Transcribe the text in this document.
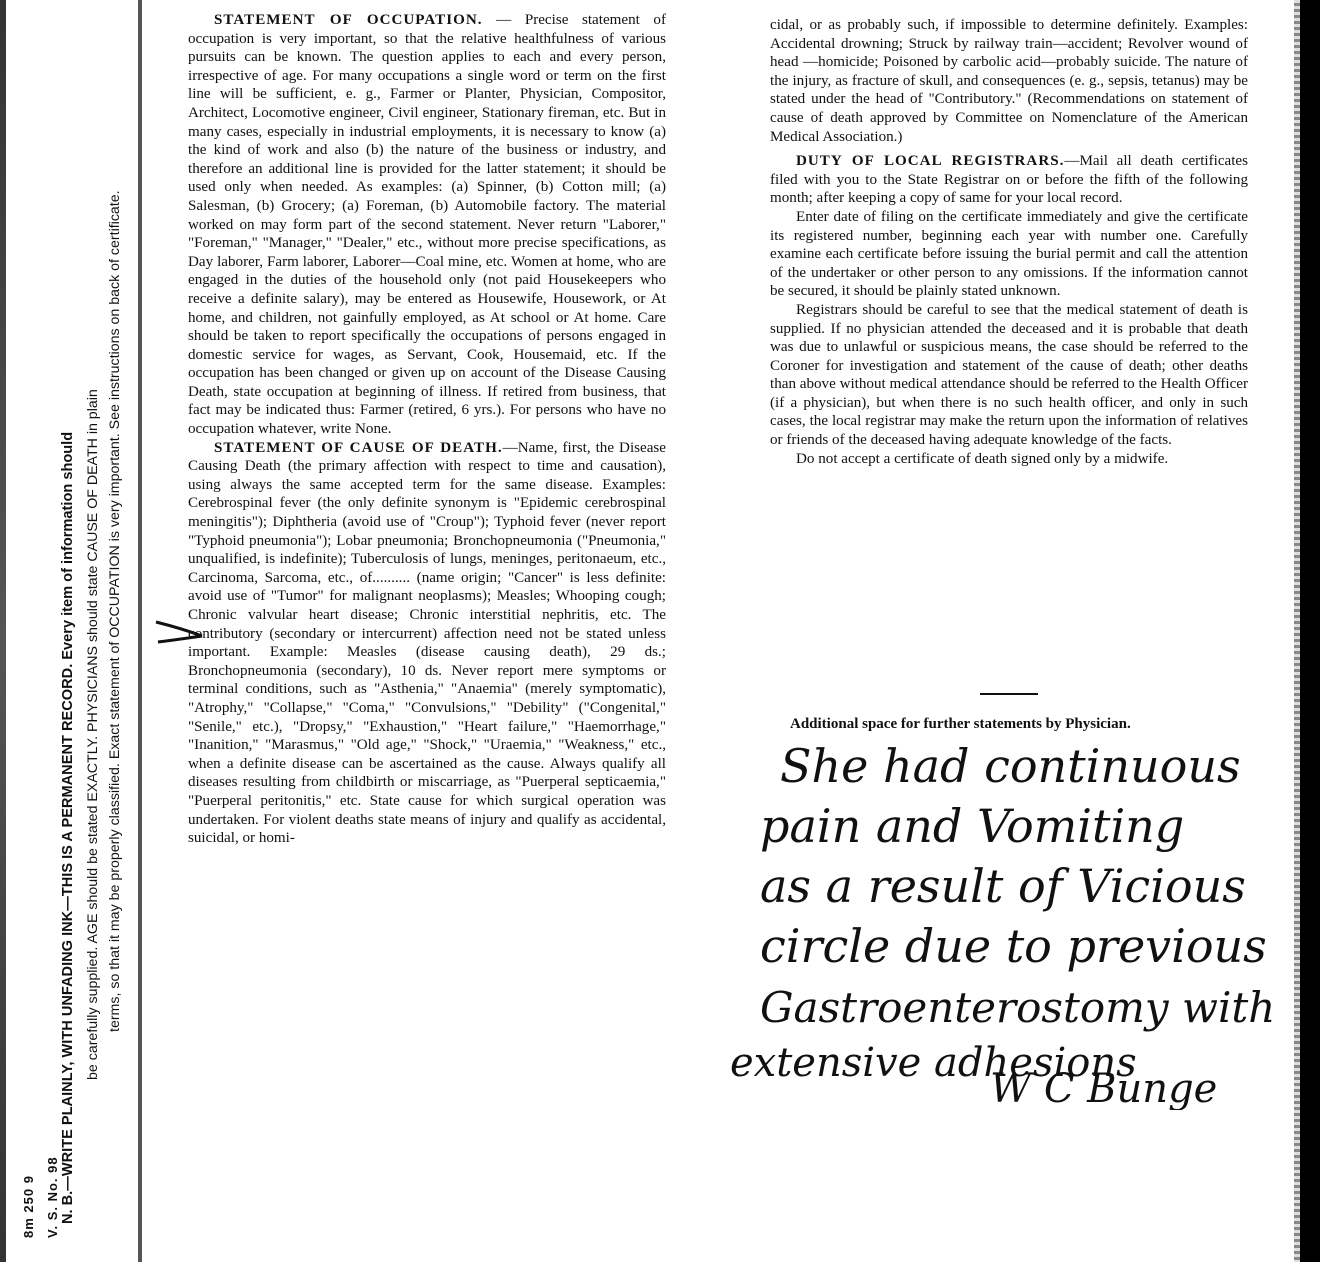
8m 250 9 V. S. No. 98 N. B.—WRITE PLAINLY, WITH UNFADING INK—THIS IS A PERMANENT RECORD. Every item of information should be carefully supplied. AGE should be stated EXACTLY. PHYSICIANS should state CAUSE OF DEATH in plain terms, so that it may be properly classified. Exact statement of OCCUPATION is very important. See instructions on back of certificate.

STATEMENT OF OCCUPATION. — Precise statement of occupation is very important, so that the relative healthfulness of various pursuits can be known. The question applies to each and every person, irrespective of age. For many occupations a single word or term on the first line will be sufficient, e. g., Farmer or Planter, Physician, Compositor, Architect, Locomotive engineer, Civil engineer, Stationary fireman, etc. But in many cases, especially in industrial employments, it is necessary to know (a) the kind of work and also (b) the nature of the business or industry, and therefore an additional line is provided for the latter statement; it should be used only when needed. As examples: (a) Spinner, (b) Cotton mill; (a) Salesman, (b) Grocery; (a) Foreman, (b) Automobile factory. The material worked on may form part of the second statement. Never return "Laborer," "Foreman," "Manager," "Dealer," etc., without more precise specifications, as Day laborer, Farm laborer, Laborer—Coal mine, etc. Women at home, who are engaged in the duties of the household only (not paid Housekeepers who receive a definite salary), may be entered as Housewife, Housework, or At home, and children, not gainfully employed, as At school or At home. Care should be taken to report specifically the occupations of persons engaged in domestic service for wages, as Servant, Cook, Housemaid, etc. If the occupation has been changed or given up on account of the Disease Causing Death, state occupation at beginning of illness. If retired from business, that fact may be indicated thus: Farmer (retired, 6 yrs.). For persons who have no occupation whatever, write None.

STATEMENT OF CAUSE OF DEATH.—Name, first, the Disease Causing Death (the primary affection with respect to time and causation), using always the same accepted term for the same disease. Examples: Cerebrospinal fever (the only definite synonym is "Epidemic cerebrospinal meningitis"); Diphtheria (avoid use of "Croup"); Typhoid fever (never report "Typhoid pneumonia"); Lobar pneumonia; Bronchopneumonia ("Pneumonia," unqualified, is indefinite); Tuberculosis of lungs, meninges, peritonaeum, etc., Carcinoma, Sarcoma, etc., of.......... (name origin; "Cancer" is less definite: avoid use of "Tumor" for malignant neoplasms); Measles; Whooping cough; Chronic valvular heart disease; Chronic interstitial nephritis, etc. The contributory (secondary or intercurrent) affection need not be stated unless important. Example: Measles (disease causing death), 29 ds.; Bronchopneumonia (secondary), 10 ds. Never report mere symptoms or terminal conditions, such as "Asthenia," "Anaemia" (merely symptomatic), "Atrophy," "Collapse," "Coma," "Convulsions," "Debility" ("Congenital," "Senile," etc.), "Dropsy," "Exhaustion," "Heart failure," "Haemorrhage," "Inanition," "Marasmus," "Old age," "Shock," "Uraemia," "Weakness," etc., when a definite disease can be ascertained as the cause. Always qualify all diseases resulting from childbirth or miscarriage, as "Puerperal septicaemia," "Puerperal peritonitis," etc. State cause for which surgical operation was undertaken. For violent deaths state means of injury and qualify as accidental, suicidal, or homi-

cidal, or as probably such, if impossible to determine definitely. Examples: Accidental drowning; Struck by railway train—accident; Revolver wound of head —homicide; Poisoned by carbolic acid—probably suicide. The nature of the injury, as fracture of skull, and consequences (e. g., sepsis, tetanus) may be stated under the head of "Contributory." (Recommendations on statement of cause of death approved by Committee on Nomenclature of the American Medical Association.)

DUTY OF LOCAL REGISTRARS.—Mail all death certificates filed with you to the State Registrar on or before the fifth of the following month; after keeping a copy of same for your local record.

Enter date of filing on the certificate immediately and give the certificate its registered number, beginning each year with number one. Carefully examine each certificate before issuing the burial permit and call the attention of the undertaker or other person to any omissions. If the information cannot be secured, it should be plainly stated unknown.

Registrars should be careful to see that the medical statement of death is supplied. If no physician attended the deceased and it is probable that death was due to unlawful or suspicious means, the case should be referred to the Coroner for investigation and statement of the cause of death; other deaths than above without medical attendance should be referred to the Health Officer (if a physician), but when there is no such health officer, and only in such cases, the local registrar may make the return upon the information of relatives or friends of the deceased having adequate knowledge of the facts.

Do not accept a certificate of death signed only by a midwife.

Additional space for further statements by Physician.
She had continuous
pain and Vomiting
as a result of Vicious
circle due to previous
Gastroenterostomy with
extensive adhesions
W C Bunge
